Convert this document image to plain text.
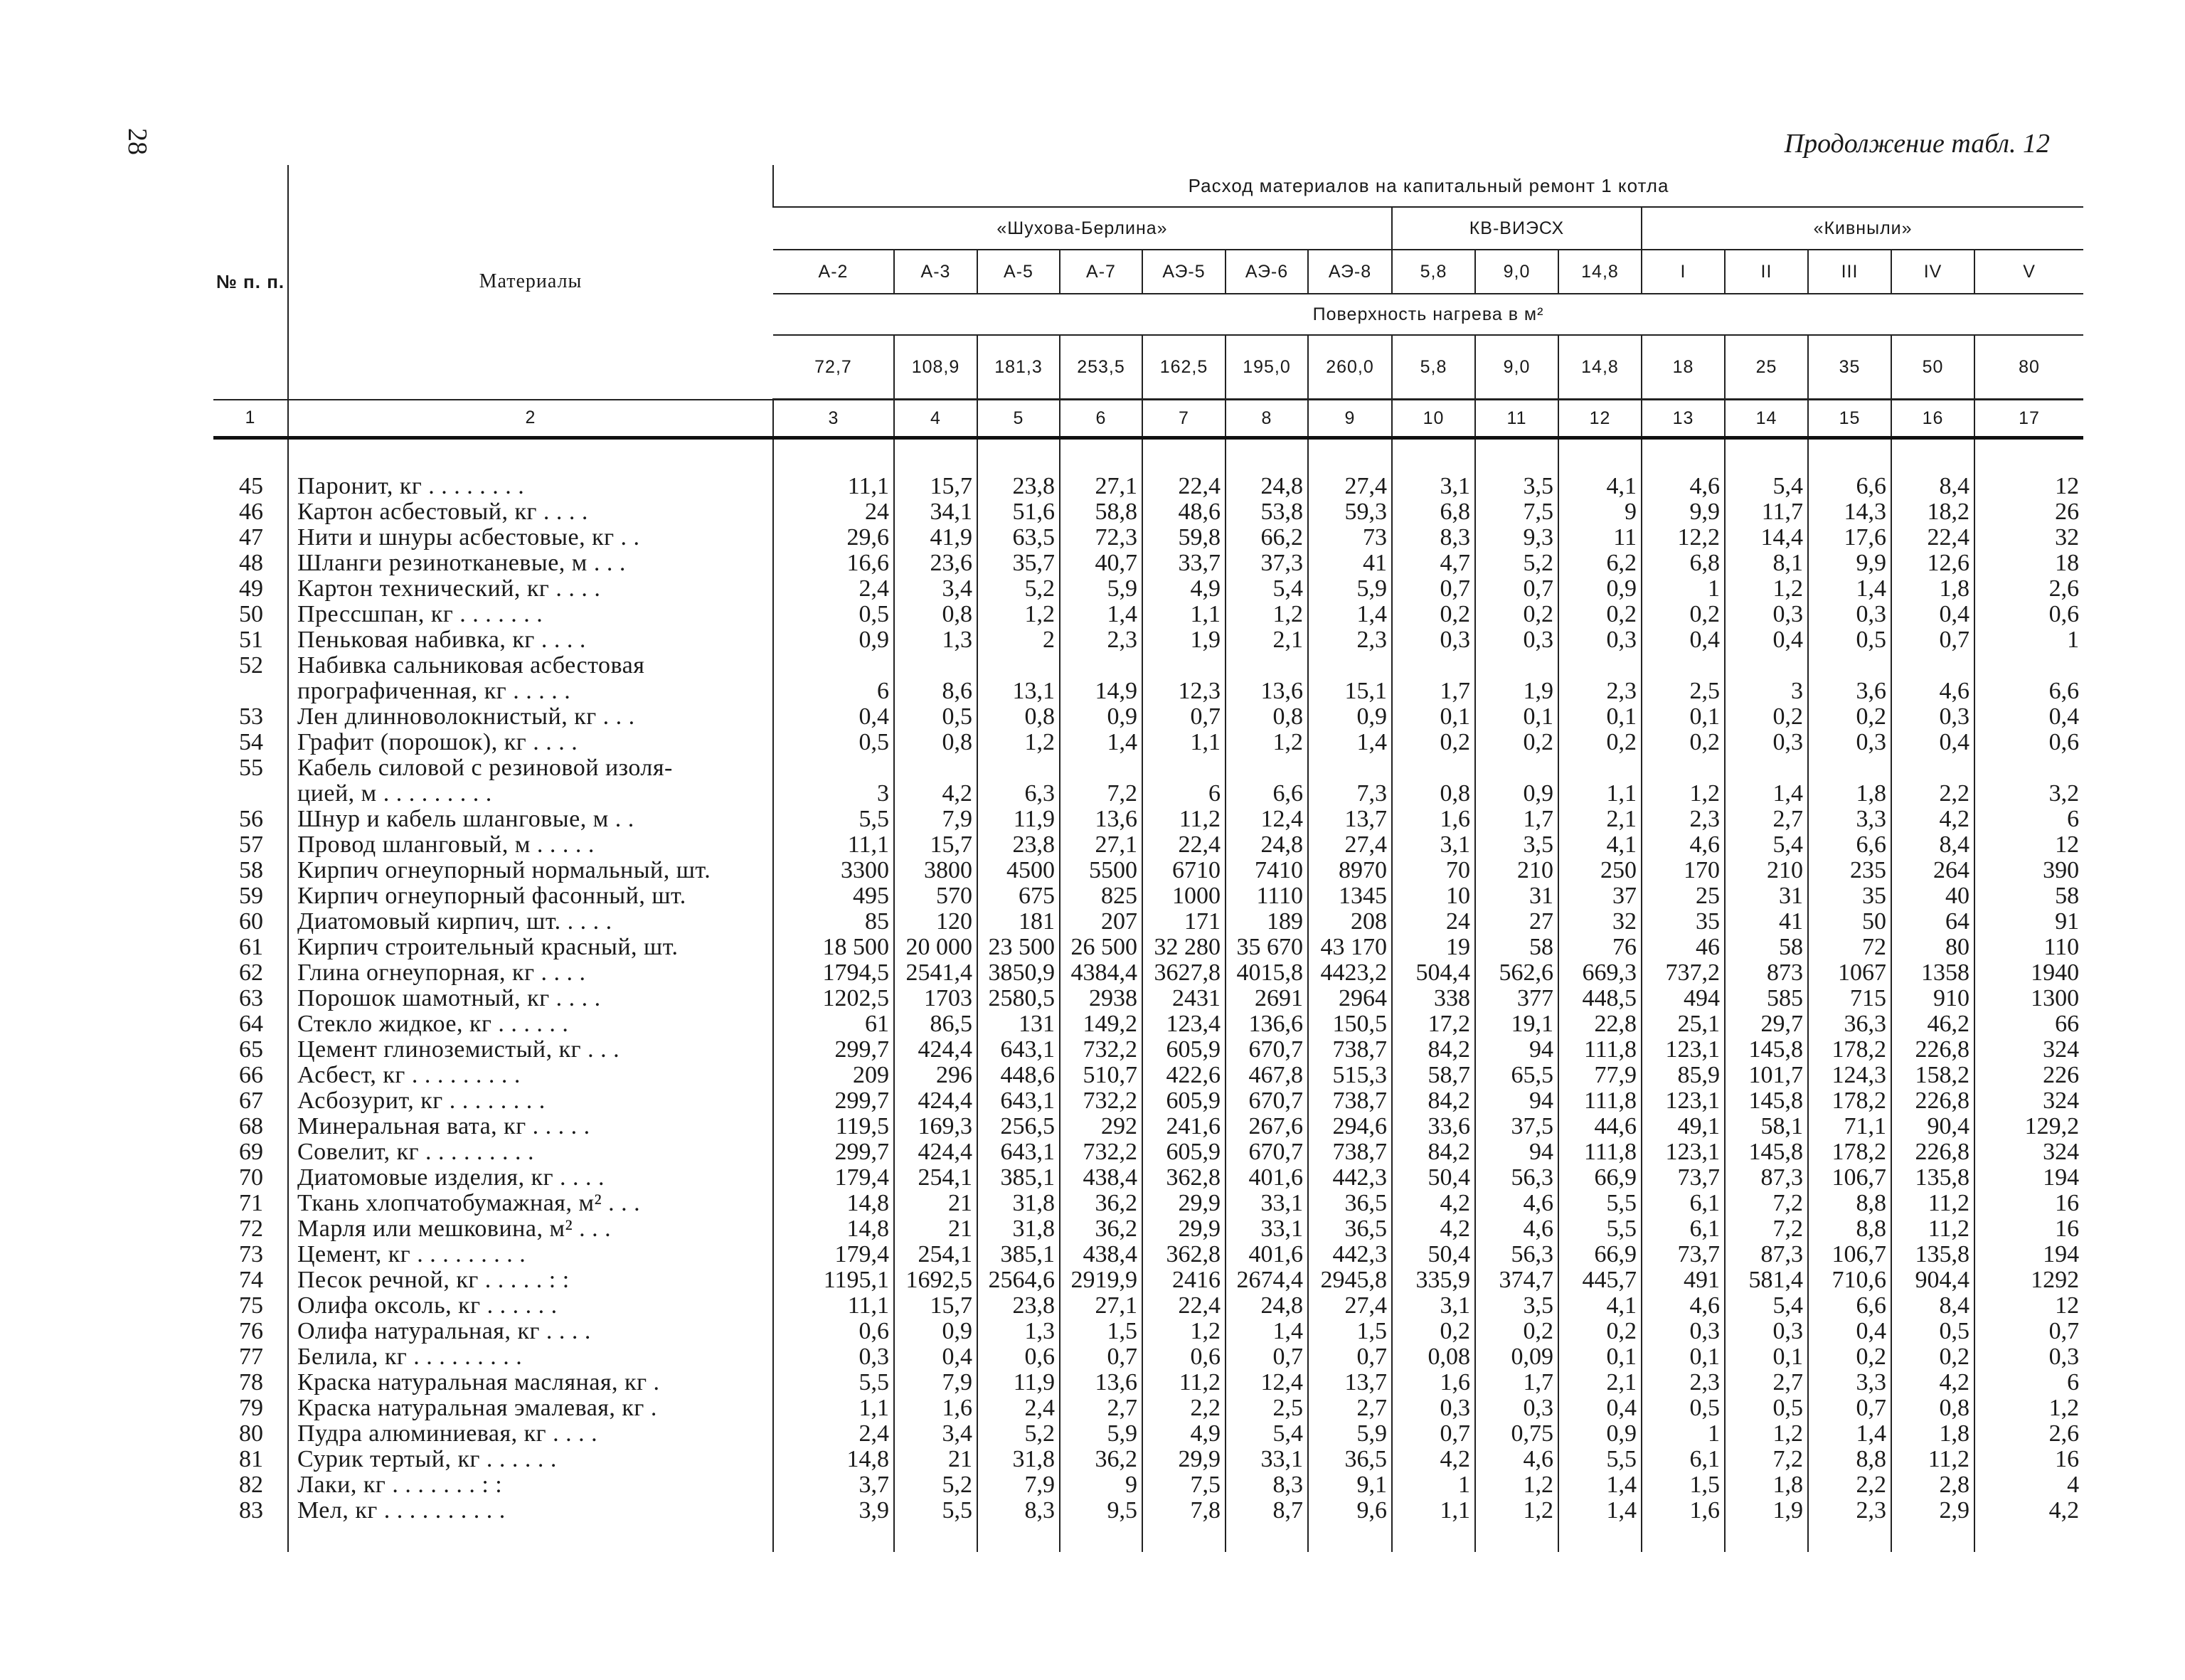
28	Продолжение табл. 12
№ п. п.	Материалы	Расход материалов на капитальный ремонт 1 котла														
		«Шухова-Берлина»							КВ-ВИЭСХ			«Кивныли»				
		А-2	А-3	А-5	А-7	АЭ-5	АЭ-6	АЭ-8	5,8	9,0	14,8	I	II	III	IV	V
		Поверхность нагрева в м²														
		72,7	108,9	181,3	253,5	162,5	195,0	260,0	5,8	9,0	14,8	18	25	35	50	80
1	2	3	4	5	6	7	8	9	10	11	12	13	14	15	16	17

45	Паронит, кг . . . . . . . .	11,1	15,7	23,8	27,1	22,4	24,8	27,4	3,1	3,5	4,1	4,6	5,4	6,6	8,4	12
46	Картон асбестовый, кг . . . .	24	34,1	51,6	58,8	48,6	53,8	59,3	6,8	7,5	9	9,9	11,7	14,3	18,2	26
47	Нити и шнуры асбестовые, кг . .	29,6	41,9	63,5	72,3	59,8	66,2	73	8,3	9,3	11	12,2	14,4	17,6	22,4	32
48	Шланги резинотканевые, м . . .	16,6	23,6	35,7	40,7	33,7	37,3	41	4,7	5,2	6,2	6,8	8,1	9,9	12,6	18
49	Картон технический, кг . . . .	2,4	3,4	5,2	5,9	4,9	5,4	5,9	0,7	0,7	0,9	1	1,2	1,4	1,8	2,6
50	Прессшпан, кг . . . . . . .	0,5	0,8	1,2	1,4	1,1	1,2	1,4	0,2	0,2	0,2	0,2	0,3	0,3	0,4	0,6
51	Пеньковая набивка, кг . . . .	0,9	1,3	2	2,3	1,9	2,1	2,3	0,3	0,3	0,3	0,4	0,4	0,5	0,7	1
52	Набивка сальниковая асбестовая															
	прографиченная, кг . . . . .	6	8,6	13,1	14,9	12,3	13,6	15,1	1,7	1,9	2,3	2,5	3	3,6	4,6	6,6
53	Лен длинноволокнистый, кг . . .	0,4	0,5	0,8	0,9	0,7	0,8	0,9	0,1	0,1	0,1	0,1	0,2	0,2	0,3	0,4
54	Графит (порошок), кг . . . .	0,5	0,8	1,2	1,4	1,1	1,2	1,4	0,2	0,2	0,2	0,2	0,3	0,3	0,4	0,6
55	Кабель силовой с резиновой изоля-															
	цией, м . . . . . . . . .	3	4,2	6,3	7,2	6	6,6	7,3	0,8	0,9	1,1	1,2	1,4	1,8	2,2	3,2
56	Шнур и кабель шланговые, м . .	5,5	7,9	11,9	13,6	11,2	12,4	13,7	1,6	1,7	2,1	2,3	2,7	3,3	4,2	6
57	Провод шланговый, м . . . . .	11,1	15,7	23,8	27,1	22,4	24,8	27,4	3,1	3,5	4,1	4,6	5,4	6,6	8,4	12
58	Кирпич огнеупорный нормальный, шт.	3300	3800	4500	5500	6710	7410	8970	70	210	250	170	210	235	264	390
59	Кирпич огнеупорный фасонный, шт.	495	570	675	825	1000	1110	1345	10	31	37	25	31	35	40	58
60	Диатомовый кирпич, шт. . . . .	85	120	181	207	171	189	208	24	27	32	35	41	50	64	91
61	Кирпич строительный красный, шт.	18 500	20 000	23 500	26 500	32 280	35 670	43 170	19	58	76	46	58	72	80	110
62	Глина огнеупорная, кг . . . .	1794,5	2541,4	3850,9	4384,4	3627,8	4015,8	4423,2	504,4	562,6	669,3	737,2	873	1067	1358	1940
63	Порошок шамотный, кг . . . .	1202,5	1703	2580,5	2938	2431	2691	2964	338	377	448,5	494	585	715	910	1300
64	Стекло жидкое, кг . . . . . .	61	86,5	131	149,2	123,4	136,6	150,5	17,2	19,1	22,8	25,1	29,7	36,3	46,2	66
65	Цемент глиноземистый, кг . . .	299,7	424,4	643,1	732,2	605,9	670,7	738,7	84,2	94	111,8	123,1	145,8	178,2	226,8	324
66	Асбест, кг . . . . . . . . .	209	296	448,6	510,7	422,6	467,8	515,3	58,7	65,5	77,9	85,9	101,7	124,3	158,2	226
67	Асбозурит, кг . . . . . . . .	299,7	424,4	643,1	732,2	605,9	670,7	738,7	84,2	94	111,8	123,1	145,8	178,2	226,8	324
68	Минеральная вата, кг . . . . .	119,5	169,3	256,5	292	241,6	267,6	294,6	33,6	37,5	44,6	49,1	58,1	71,1	90,4	129,2
69	Совелит, кг . . . . . . . . .	299,7	424,4	643,1	732,2	605,9	670,7	738,7	84,2	94	111,8	123,1	145,8	178,2	226,8	324
70	Диатомовые изделия, кг . . . .	179,4	254,1	385,1	438,4	362,8	401,6	442,3	50,4	56,3	66,9	73,7	87,3	106,7	135,8	194
71	Ткань хлопчатобумажная, м² . . .	14,8	21	31,8	36,2	29,9	33,1	36,5	4,2	4,6	5,5	6,1	7,2	8,8	11,2	16
72	Марля или мешковина, м² . . .	14,8	21	31,8	36,2	29,9	33,1	36,5	4,2	4,6	5,5	6,1	7,2	8,8	11,2	16
73	Цемент, кг . . . . . . . . .	179,4	254,1	385,1	438,4	362,8	401,6	442,3	50,4	56,3	66,9	73,7	87,3	106,7	135,8	194
74	Песок речной, кг . . . . . : :	1195,1	1692,5	2564,6	2919,9	2416	2674,4	2945,8	335,9	374,7	445,7	491	581,4	710,6	904,4	1292
75	Олифа оксоль, кг . . . . . .	11,1	15,7	23,8	27,1	22,4	24,8	27,4	3,1	3,5	4,1	4,6	5,4	6,6	8,4	12
76	Олифа натуральная, кг . . . .	0,6	0,9	1,3	1,5	1,2	1,4	1,5	0,2	0,2	0,2	0,3	0,3	0,4	0,5	0,7
77	Белила, кг . . . . . . . . .	0,3	0,4	0,6	0,7	0,6	0,7	0,7	0,08	0,09	0,1	0,1	0,1	0,2	0,2	0,3
78	Краска натуральная масляная, кг .	5,5	7,9	11,9	13,6	11,2	12,4	13,7	1,6	1,7	2,1	2,3	2,7	3,3	4,2	6
79	Краска натуральная эмалевая, кг .	1,1	1,6	2,4	2,7	2,2	2,5	2,7	0,3	0,3	0,4	0,5	0,5	0,7	0,8	1,2
80	Пудра алюминиевая, кг . . . .	2,4	3,4	5,2	5,9	4,9	5,4	5,9	0,7	0,75	0,9	1	1,2	1,4	1,8	2,6
81	Сурик тертый, кг . . . . . .	14,8	21	31,8	36,2	29,9	33,1	36,5	4,2	4,6	5,5	6,1	7,2	8,8	11,2	16
82	Лаки, кг . . . . . . . : :	3,7	5,2	7,9	9	7,5	8,3	9,1	1	1,2	1,4	1,5	1,8	2,2	2,8	4
83	Мел, кг . . . . . . . . . .	3,9	5,5	8,3	9,5	7,8	8,7	9,6	1,1	1,2	1,4	1,6	1,9	2,3	2,9	4,2
